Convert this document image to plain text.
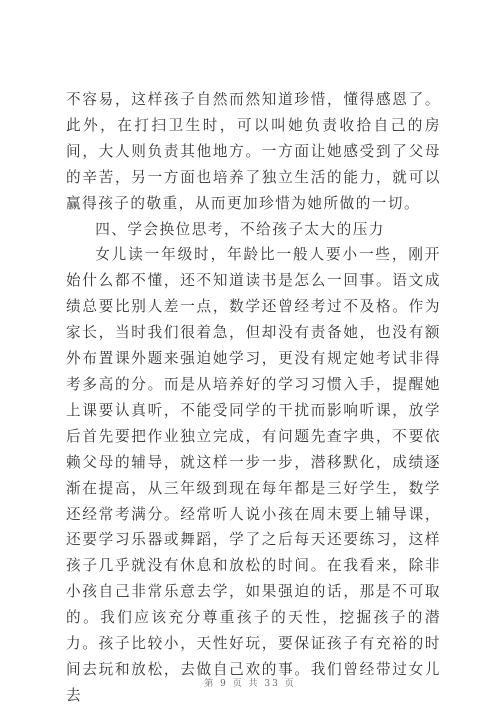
不容易，这样孩子自然而然知道珍惜，懂得感恩了。此外，在打扫卫生时，可以叫她负责收拾自己的房间，大人则负责其他地方。一方面让她感受到了父母的辛苦，另一方面也培养了独立生活的能力，就可以赢得孩子的敬重，从而更加珍惜为她所做的一切。

四、学会换位思考，不给孩子太大的压力

女儿读一年级时，年龄比一般人要小一些，刚开始什么都不懂，还不知道读书是怎么一回事。语文成绩总要比别人差一点，数学还曾经考过不及格。作为家长，当时我们很着急，但却没有责备她，也没有额外布置课外题来强迫她学习，更没有规定她考试非得考多高的分。而是从培养好的学习习惯入手，提醒她上课要认真听，不能受同学的干扰而影响听课，放学后首先要把作业独立完成，有问题先查字典，不要依赖父母的辅导，就这样一步一步，潜移默化，成绩逐渐在提高，从三年级到现在每年都是三好学生，数学还经常考满分。经常听人说小孩在周末要上辅导课，还要学习乐器或舞蹈，学了之后每天还要练习，这样孩子几乎就没有休息和放松的时间。在我看来，除非小孩自己非常乐意去学，如果强迫的话，那是不可取的。我们应该充分尊重孩子的天性，挖掘孩子的潜力。孩子比较小，天性好玩，要保证孩子有充裕的时间去玩和放松，去做自己欢的事。我们曾经带过女儿去

第 9 页 共 33 页
